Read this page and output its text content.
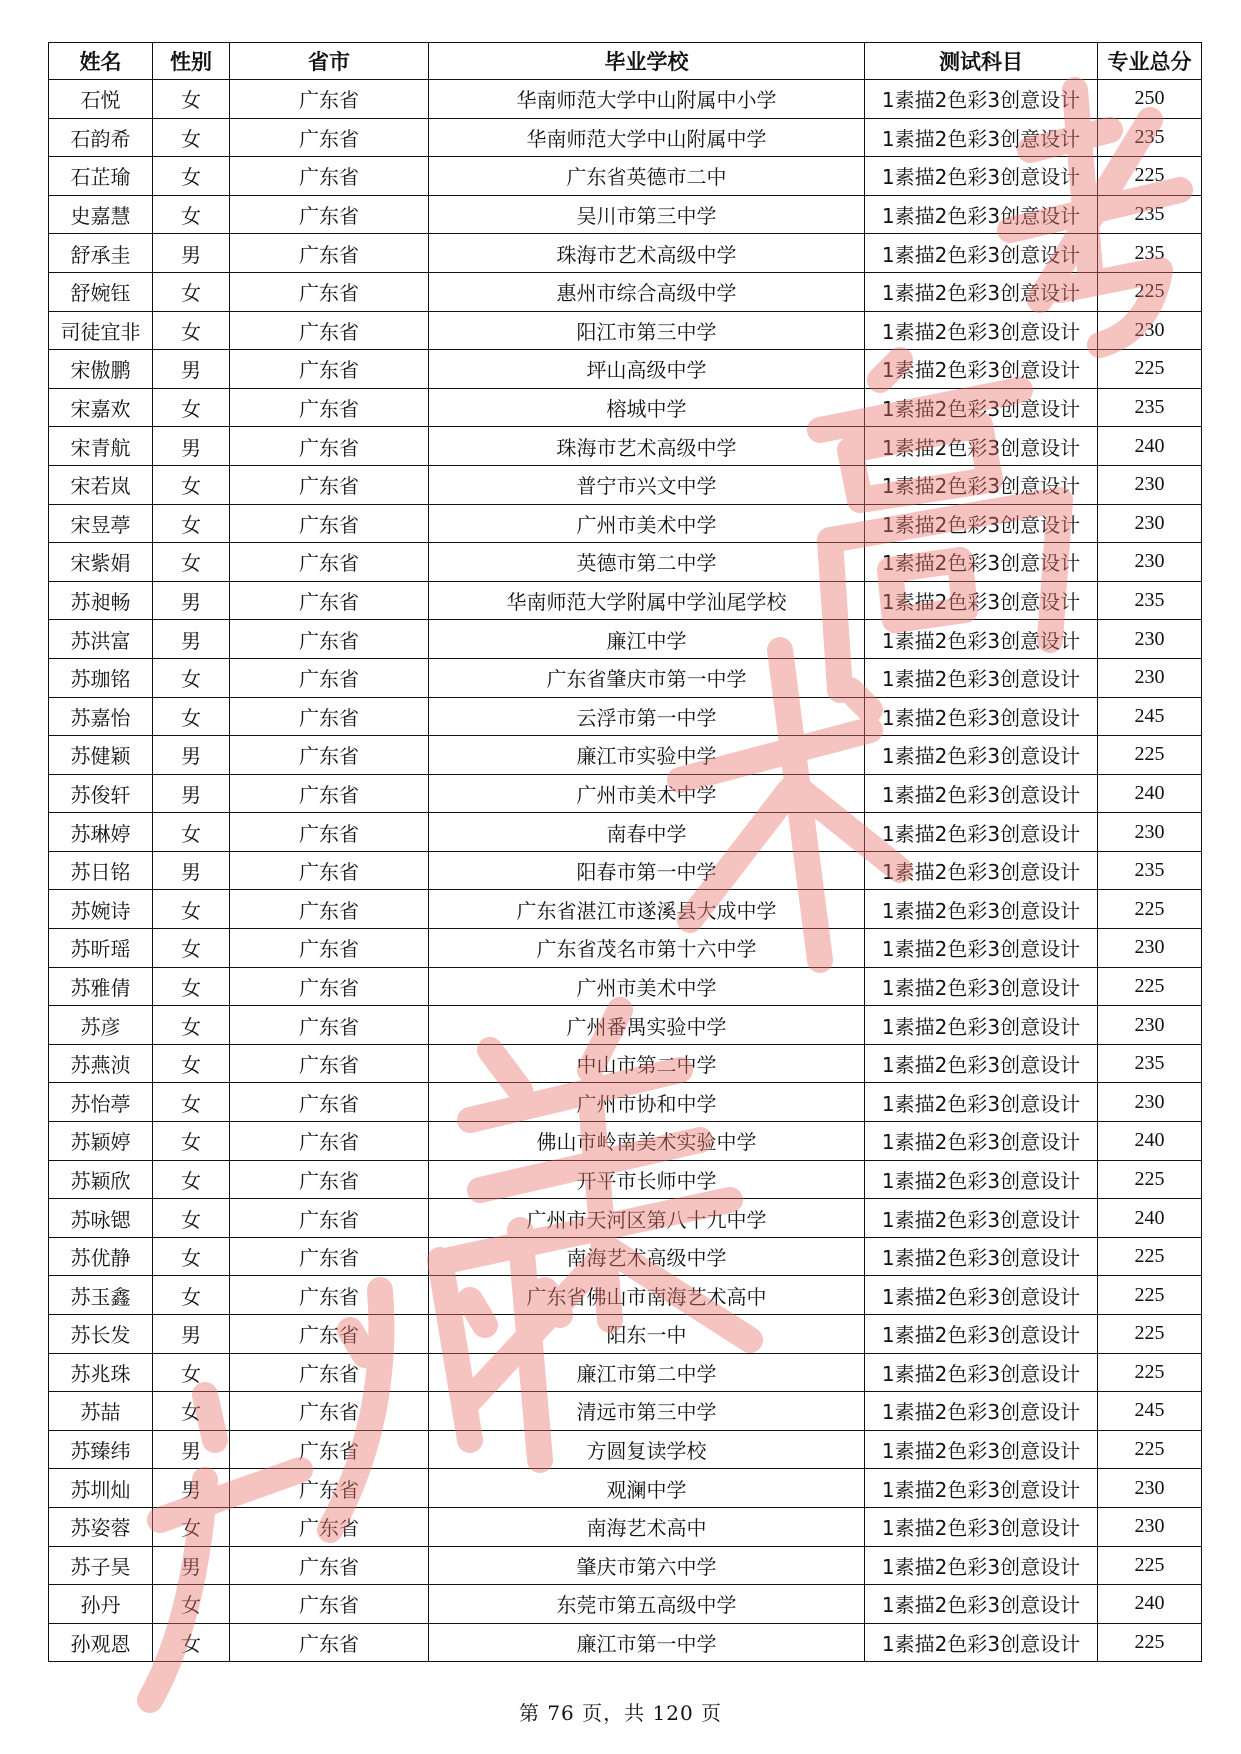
姓名	性别	省市	毕业学校	测试科目	专业总分
石悦	女	广东省	华南师范大学中山附属中小学	1素描2色彩3创意设计	250
石韵希	女	广东省	华南师范大学中山附属中学	1素描2色彩3创意设计	235
石芷瑜	女	广东省	广东省英德市二中	1素描2色彩3创意设计	225
史嘉慧	女	广东省	吴川市第三中学	1素描2色彩3创意设计	235
舒承圭	男	广东省	珠海市艺术高级中学	1素描2色彩3创意设计	235
舒婉钰	女	广东省	惠州市综合高级中学	1素描2色彩3创意设计	225
司徒宜非	女	广东省	阳江市第三中学	1素描2色彩3创意设计	230
宋傲鹏	男	广东省	坪山高级中学	1素描2色彩3创意设计	225
宋嘉欢	女	广东省	榕城中学	1素描2色彩3创意设计	235
宋青航	男	广东省	珠海市艺术高级中学	1素描2色彩3创意设计	240
宋若岚	女	广东省	普宁市兴文中学	1素描2色彩3创意设计	230
宋昱葶	女	广东省	广州市美术中学	1素描2色彩3创意设计	230
宋紫娟	女	广东省	英德市第二中学	1素描2色彩3创意设计	230
苏昶畅	男	广东省	华南师范大学附属中学汕尾学校	1素描2色彩3创意设计	235
苏洪富	男	广东省	廉江中学	1素描2色彩3创意设计	230
苏珈铭	女	广东省	广东省肇庆市第一中学	1素描2色彩3创意设计	230
苏嘉怡	女	广东省	云浮市第一中学	1素描2色彩3创意设计	245
苏健颖	男	广东省	廉江市实验中学	1素描2色彩3创意设计	225
苏俊轩	男	广东省	广州市美术中学	1素描2色彩3创意设计	240
苏琳婷	女	广东省	南春中学	1素描2色彩3创意设计	230
苏日铭	男	广东省	阳春市第一中学	1素描2色彩3创意设计	235
苏婉诗	女	广东省	广东省湛江市遂溪县大成中学	1素描2色彩3创意设计	225
苏昕瑶	女	广东省	广东省茂名市第十六中学	1素描2色彩3创意设计	230
苏雅倩	女	广东省	广州市美术中学	1素描2色彩3创意设计	225
苏彦	女	广东省	广州番禺实验中学	1素描2色彩3创意设计	230
苏燕浈	女	广东省	中山市第二中学	1素描2色彩3创意设计	235
苏怡葶	女	广东省	广州市协和中学	1素描2色彩3创意设计	230
苏颖婷	女	广东省	佛山市岭南美术实验中学	1素描2色彩3创意设计	240
苏颖欣	女	广东省	开平市长师中学	1素描2色彩3创意设计	225
苏咏锶	女	广东省	广州市天河区第八十九中学	1素描2色彩3创意设计	240
苏优静	女	广东省	南海艺术高级中学	1素描2色彩3创意设计	225
苏玉鑫	女	广东省	广东省佛山市南海艺术高中	1素描2色彩3创意设计	225
苏长发	男	广东省	阳东一中	1素描2色彩3创意设计	225
苏兆珠	女	广东省	廉江市第二中学	1素描2色彩3创意设计	225
苏喆	女	广东省	清远市第三中学	1素描2色彩3创意设计	245
苏臻纬	男	广东省	方圆复读学校	1素描2色彩3创意设计	225
苏圳灿	男	广东省	观澜中学	1素描2色彩3创意设计	230
苏姿蓉	女	广东省	南海艺术高中	1素描2色彩3创意设计	230
苏子昊	男	广东省	肇庆市第六中学	1素描2色彩3创意设计	225
孙丹	女	广东省	东莞市第五高级中学	1素描2色彩3创意设计	240
孙观恩	女	广东省	廉江市第一中学	1素描2色彩3创意设计	225
第 76 页，共 120 页
